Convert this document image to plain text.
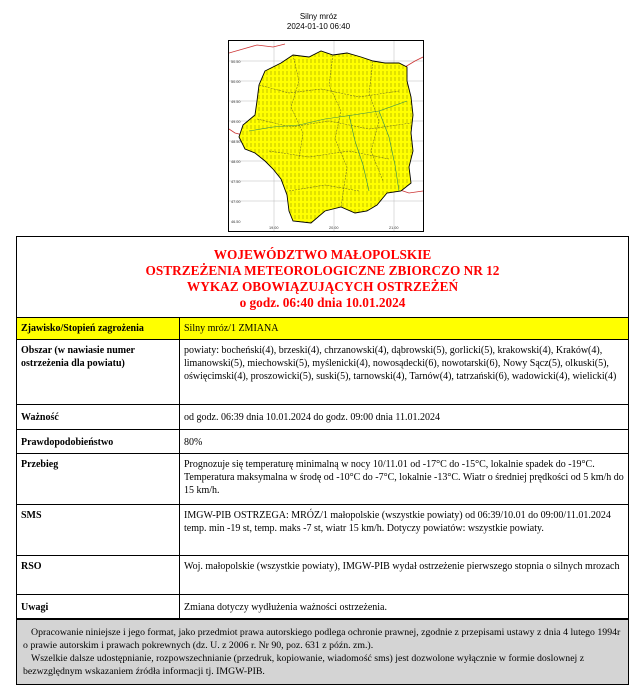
Silny mróz
2024-01-10 06:40
50.50
50.00
49.50
49.00
48.50
48.00
47.50
47.00
46.50
19.00	20.00	21.00
WOJEWÓDZTWO MAŁOPOLSKIE
OSTRZEŻENIA METEOROLOGICZNE ZBIORCZO NR 12
WYKAZ OBOWIĄZUJĄCYCH OSTRZEŻEŃ
o godz. 06:40 dnia 10.01.2024
Zjawisko/Stopień zagrożenia	Silny mróz/1 ZMIANA
Obszar (w nawiasie numer ostrzeżenia dla powiatu)	powiaty: bocheński(4), brzeski(4), chrzanowski(4), dąbrowski(5), gorlicki(5), krakowski(4), Kraków(4), limanowski(5), miechowski(5), myślenicki(4), nowosądecki(6), nowotarski(6), Nowy Sącz(5), olkuski(5), oświęcimski(4), proszowicki(5), suski(5), tarnowski(4), Tarnów(4), tatrzański(6), wadowicki(4), wielicki(4)
Ważność	od godz. 06:39 dnia 10.01.2024 do godz. 09:00 dnia 11.01.2024
Prawdopodobieństwo	80%
Przebieg	Prognozuje się temperaturę minimalną w nocy 10/11.01 od -17°C do -15°C, lokalnie spadek do -19°C. Temperatura maksymalna w środę od -10°C do -7°C, lokalnie -13°C. Wiatr o średniej prędkości od 5 km/h do 15 km/h.
SMS	IMGW-PIB OSTRZEGA: MRÓZ/1 małopolskie (wszystkie powiaty) od 06:39/10.01 do 09:00/11.01.2024 temp. min -19 st, temp. maks -7 st, wiatr 15 km/h. Dotyczy powiatów: wszystkie powiaty.
RSO	Woj. małopolskie (wszystkie powiaty), IMGW-PIB wydał ostrzeżenie pierwszego stopnia o silnych mrozach
Uwagi	Zmiana dotyczy wydłużenia ważności ostrzeżenia.

Opracowanie niniejsze i jego format, jako przedmiot prawa autorskiego podlega ochronie prawnej, zgodnie z przepisami ustawy z dnia 4 lutego 1994r o prawie autorskim i prawach pokrewnych (dz. U. z 2006 r. Nr 90, poz. 631 z późn. zm.).

Wszelkie dalsze udostępnianie, rozpowszechnianie (przedruk, kopiowanie, wiadomość sms) jest dozwolone wyłącznie w formie doslownej z bezwzględnym wskazaniem źródła informacji tj. IMGW-PIB.
